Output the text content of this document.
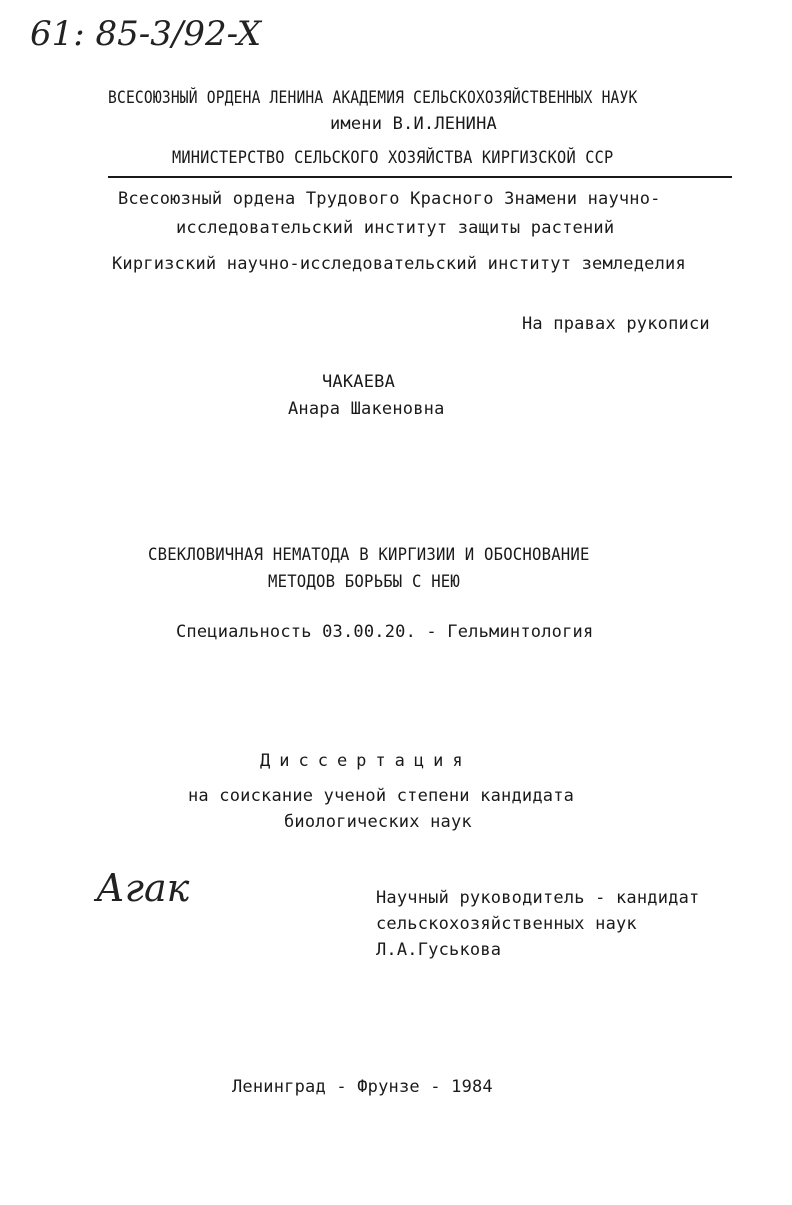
61: 85-3/92-X
ВСЕСОЮЗНЫЙ ОРДЕНА ЛЕНИНА АКАДЕМИЯ СЕЛЬСКОХОЗЯЙСТВЕННЫХ НАУК
имени В.И.ЛЕНИНА
МИНИСТЕРСТВО СЕЛЬСКОГО ХОЗЯЙСТВА КИРГИЗСКОЙ ССР
Всесоюзный ордена Трудового Красного Знамени научно-
исследовательский институт защиты растений
Киргизский научно-исследовательский институт земледелия
На правах рукописи
ЧАКАЕВА
Анара Шакеновна
СВЕКЛОВИЧНАЯ НЕМАТОДА В КИРГИЗИИ И ОБОСНОВАНИЕ
МЕТОДОВ БОРЬБЫ С НЕЮ
Специальность 03.00.20. - Гельминтология
Диссертация
на соискание ученой степени кандидата
биологических наук
Агак	Научный руководитель - кандидат
сельскохозяйственных наук
Л.А.Гуськова
Ленинград - Фрунзе - 1984
